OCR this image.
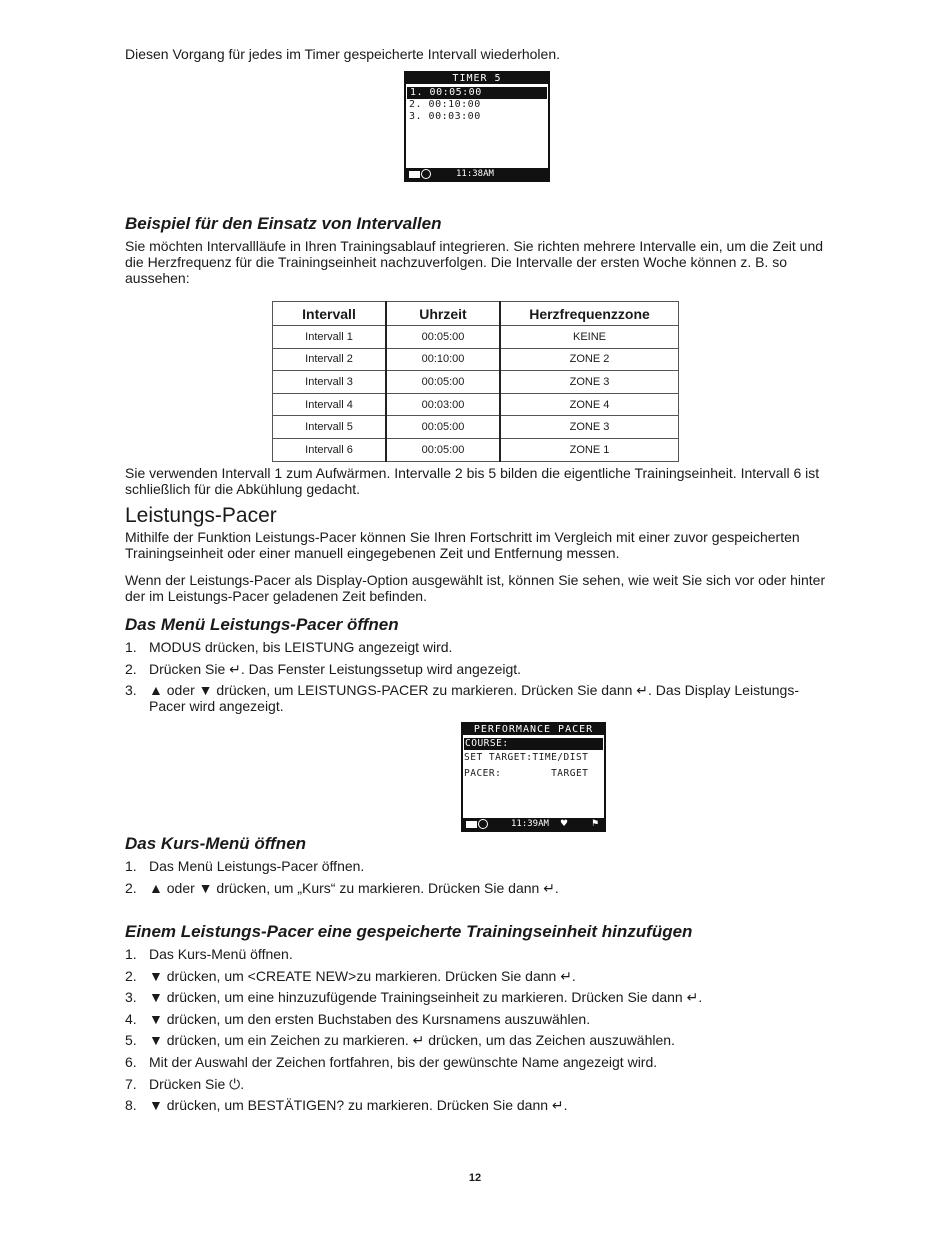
Diesen Vorgang für jedes im Timer gespeicherte Intervall wiederholen.
TIMER 5
1. 00:05:00
2. 00:10:00
3. 00:03:00
11:38AM
Beispiel für den Einsatz von Intervallen
Sie möchten Intervallläufe in Ihren Trainingsablauf integrieren. Sie richten mehrere Intervalle ein, um die Zeit und die Herzfrequenz für die Trainingseinheit nachzuverfolgen. Die Intervalle der ersten Woche können z. B. so aussehen:
Intervall	Uhrzeit	Herzfrequenzzone
Intervall 1	00:05:00	KEINE
Intervall 2	00:10:00	ZONE 2
Intervall 3	00:05:00	ZONE 3
Intervall 4	00:03:00	ZONE 4
Intervall 5	00:05:00	ZONE 3
Intervall 6	00:05:00	ZONE 1
Sie verwenden Intervall 1 zum Aufwärmen. Intervalle 2 bis 5 bilden die eigentliche Trainingseinheit. Intervall 6 ist schließlich für die Abkühlung gedacht.
Leistungs-Pacer
Mithilfe der Funktion Leistungs-Pacer können Sie Ihren Fortschritt im Vergleich mit einer zuvor gespeicherten Trainingseinheit oder einer manuell eingegebenen Zeit und Entfernung messen.
Wenn der Leistungs-Pacer als Display-Option ausgewählt ist, können Sie sehen, wie weit Sie sich vor oder hinter der im Leistungs-Pacer geladenen Zeit befinden.
Das Menü Leistungs-Pacer öffnen
1. MODUS drücken, bis LEISTUNG angezeigt wird.
2. Drücken Sie ↵. Das Fenster Leistungssetup wird angezeigt.
3. ▲ oder ▼ drücken, um LEISTUNGS-PACER zu markieren. Drücken Sie dann ↵. Das Display Leistungs-Pacer wird angezeigt.
PERFORMANCE PACER
COURSE:
SET TARGET:TIME/DIST
PACER:        TARGET
11:39AM ♥	⚑
Das Kurs-Menü öffnen
1. Das Menü Leistungs-Pacer öffnen.
2. ▲ oder ▼ drücken, um „Kurs“ zu markieren. Drücken Sie dann ↵.
Einem Leistungs-Pacer eine gespeicherte Trainingseinheit hinzufügen
1. Das Kurs-Menü öffnen.
2. ▼ drücken, um <CREATE NEW>zu markieren. Drücken Sie dann ↵.
3. ▼ drücken, um eine hinzuzufügende Trainingseinheit zu markieren. Drücken Sie dann ↵.
4. ▼ drücken, um den ersten Buchstaben des Kursnamens auszuwählen.
5. ▼ drücken, um ein Zeichen zu markieren. ↵ drücken, um das Zeichen auszuwählen.
6. Mit der Auswahl der Zeichen fortfahren, bis der gewünschte Name angezeigt wird.
7. Drücken Sie ⏻.
8. ▼ drücken, um BESTÄTIGEN? zu markieren. Drücken Sie dann ↵.
12
